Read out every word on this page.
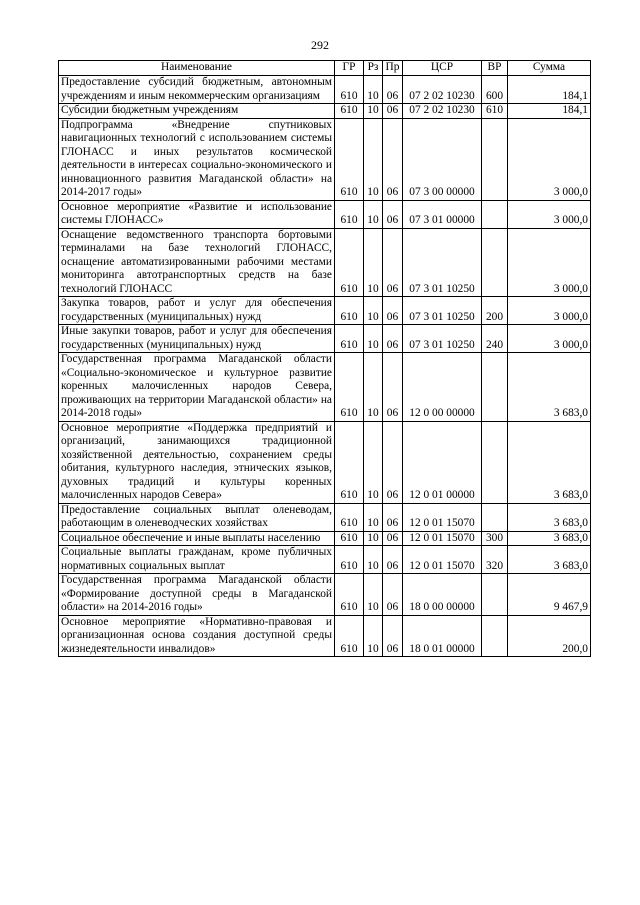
292
Наименование	ГР	Рз	Пр	ЦСР	ВР	Сумма
Предоставление субсидий бюджетным, автономным учреждениям и иным некоммерческим организациям	610	10	06	07 2 02 10230	600	184,1
Субсидии бюджетным учреждениям	610	10	06	07 2 02 10230	610	184,1
Подпрограмма «Внедрение спутниковых навигационных технологий с использованием системы ГЛОНАСС и иных результатов космической деятельности в интересах социально-экономического и инновационного развития Магаданской области» на 2014-2017 годы»	610	10	06	07 3 00 00000		3 000,0
Основное мероприятие «Развитие и использование системы ГЛОНАСС»	610	10	06	07 3 01 00000		3 000,0
Оснащение ведомственного транспорта бортовыми терминалами на базе технологий ГЛОНАСС, оснащение автоматизированными рабочими местами мониторинга автотранспортных средств на базе технологий ГЛОНАСС	610	10	06	07 3 01 10250		3 000,0
Закупка товаров, работ и услуг для обеспечения государственных (муниципальных) нужд	610	10	06	07 3 01 10250	200	3 000,0
Иные закупки товаров, работ и услуг для обеспечения государственных (муниципальных) нужд	610	10	06	07 3 01 10250	240	3 000,0
Государственная программа Магаданской области «Социально-экономическое и культурное развитие коренных малочисленных народов Севера, проживающих на территории Магаданской области» на 2014-2018 годы»	610	10	06	12 0 00 00000		3 683,0
Основное мероприятие «Поддержка предприятий и организаций, занимающихся традиционной хозяйственной деятельностью, сохранением среды обитания, культурного наследия, этнических языков, духовных традиций и культуры коренных малочисленных народов Севера»	610	10	06	12 0 01 00000		3 683,0
Предоставление социальных выплат оленеводам, работающим в оленеводческих хозяйствах	610	10	06	12 0 01 15070		3 683,0
Социальное обеспечение и иные выплаты населению	610	10	06	12 0 01 15070	300	3 683,0
Социальные выплаты гражданам, кроме публичных нормативных социальных выплат	610	10	06	12 0 01 15070	320	3 683,0
Государственная программа Магаданской области «Формирование доступной среды в Магаданской области» на 2014-2016 годы»	610	10	06	18 0 00 00000		9 467,9
Основное мероприятие «Нормативно-правовая и организационная основа создания доступной среды жизнедеятельности инвалидов»	610	10	06	18 0 01 00000		200,0
